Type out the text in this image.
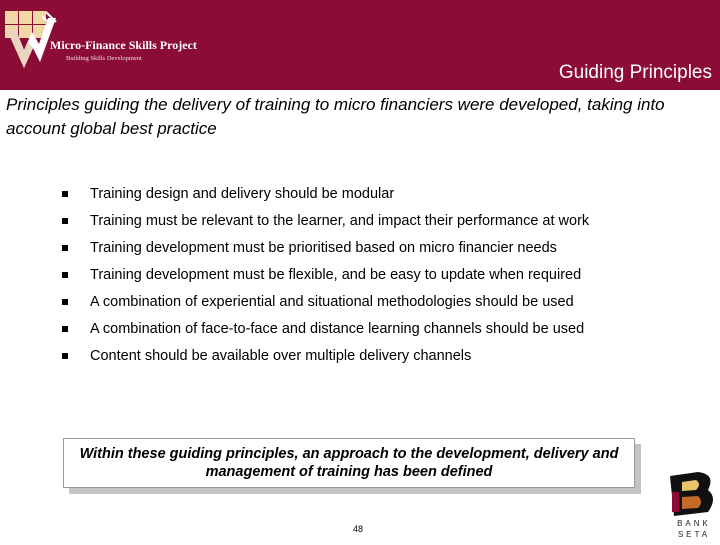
Micro-Finance Skills Project
Building Skills Development
Guiding Principles
Principles guiding the delivery of training to micro financiers were developed, taking into account global best practice
Training design and delivery should be modular
Training must be relevant to the learner, and impact their performance at work
Training development must be prioritised based on micro financier needs
Training development must be flexible, and be easy to update when required
A combination of experiential and situational methodologies should be used
A combination of face-to-face and distance learning channels should be used
Content should be available over multiple delivery channels
Within these guiding principles, an approach to the development, delivery and management of training has been defined
48
BANK
SETA
